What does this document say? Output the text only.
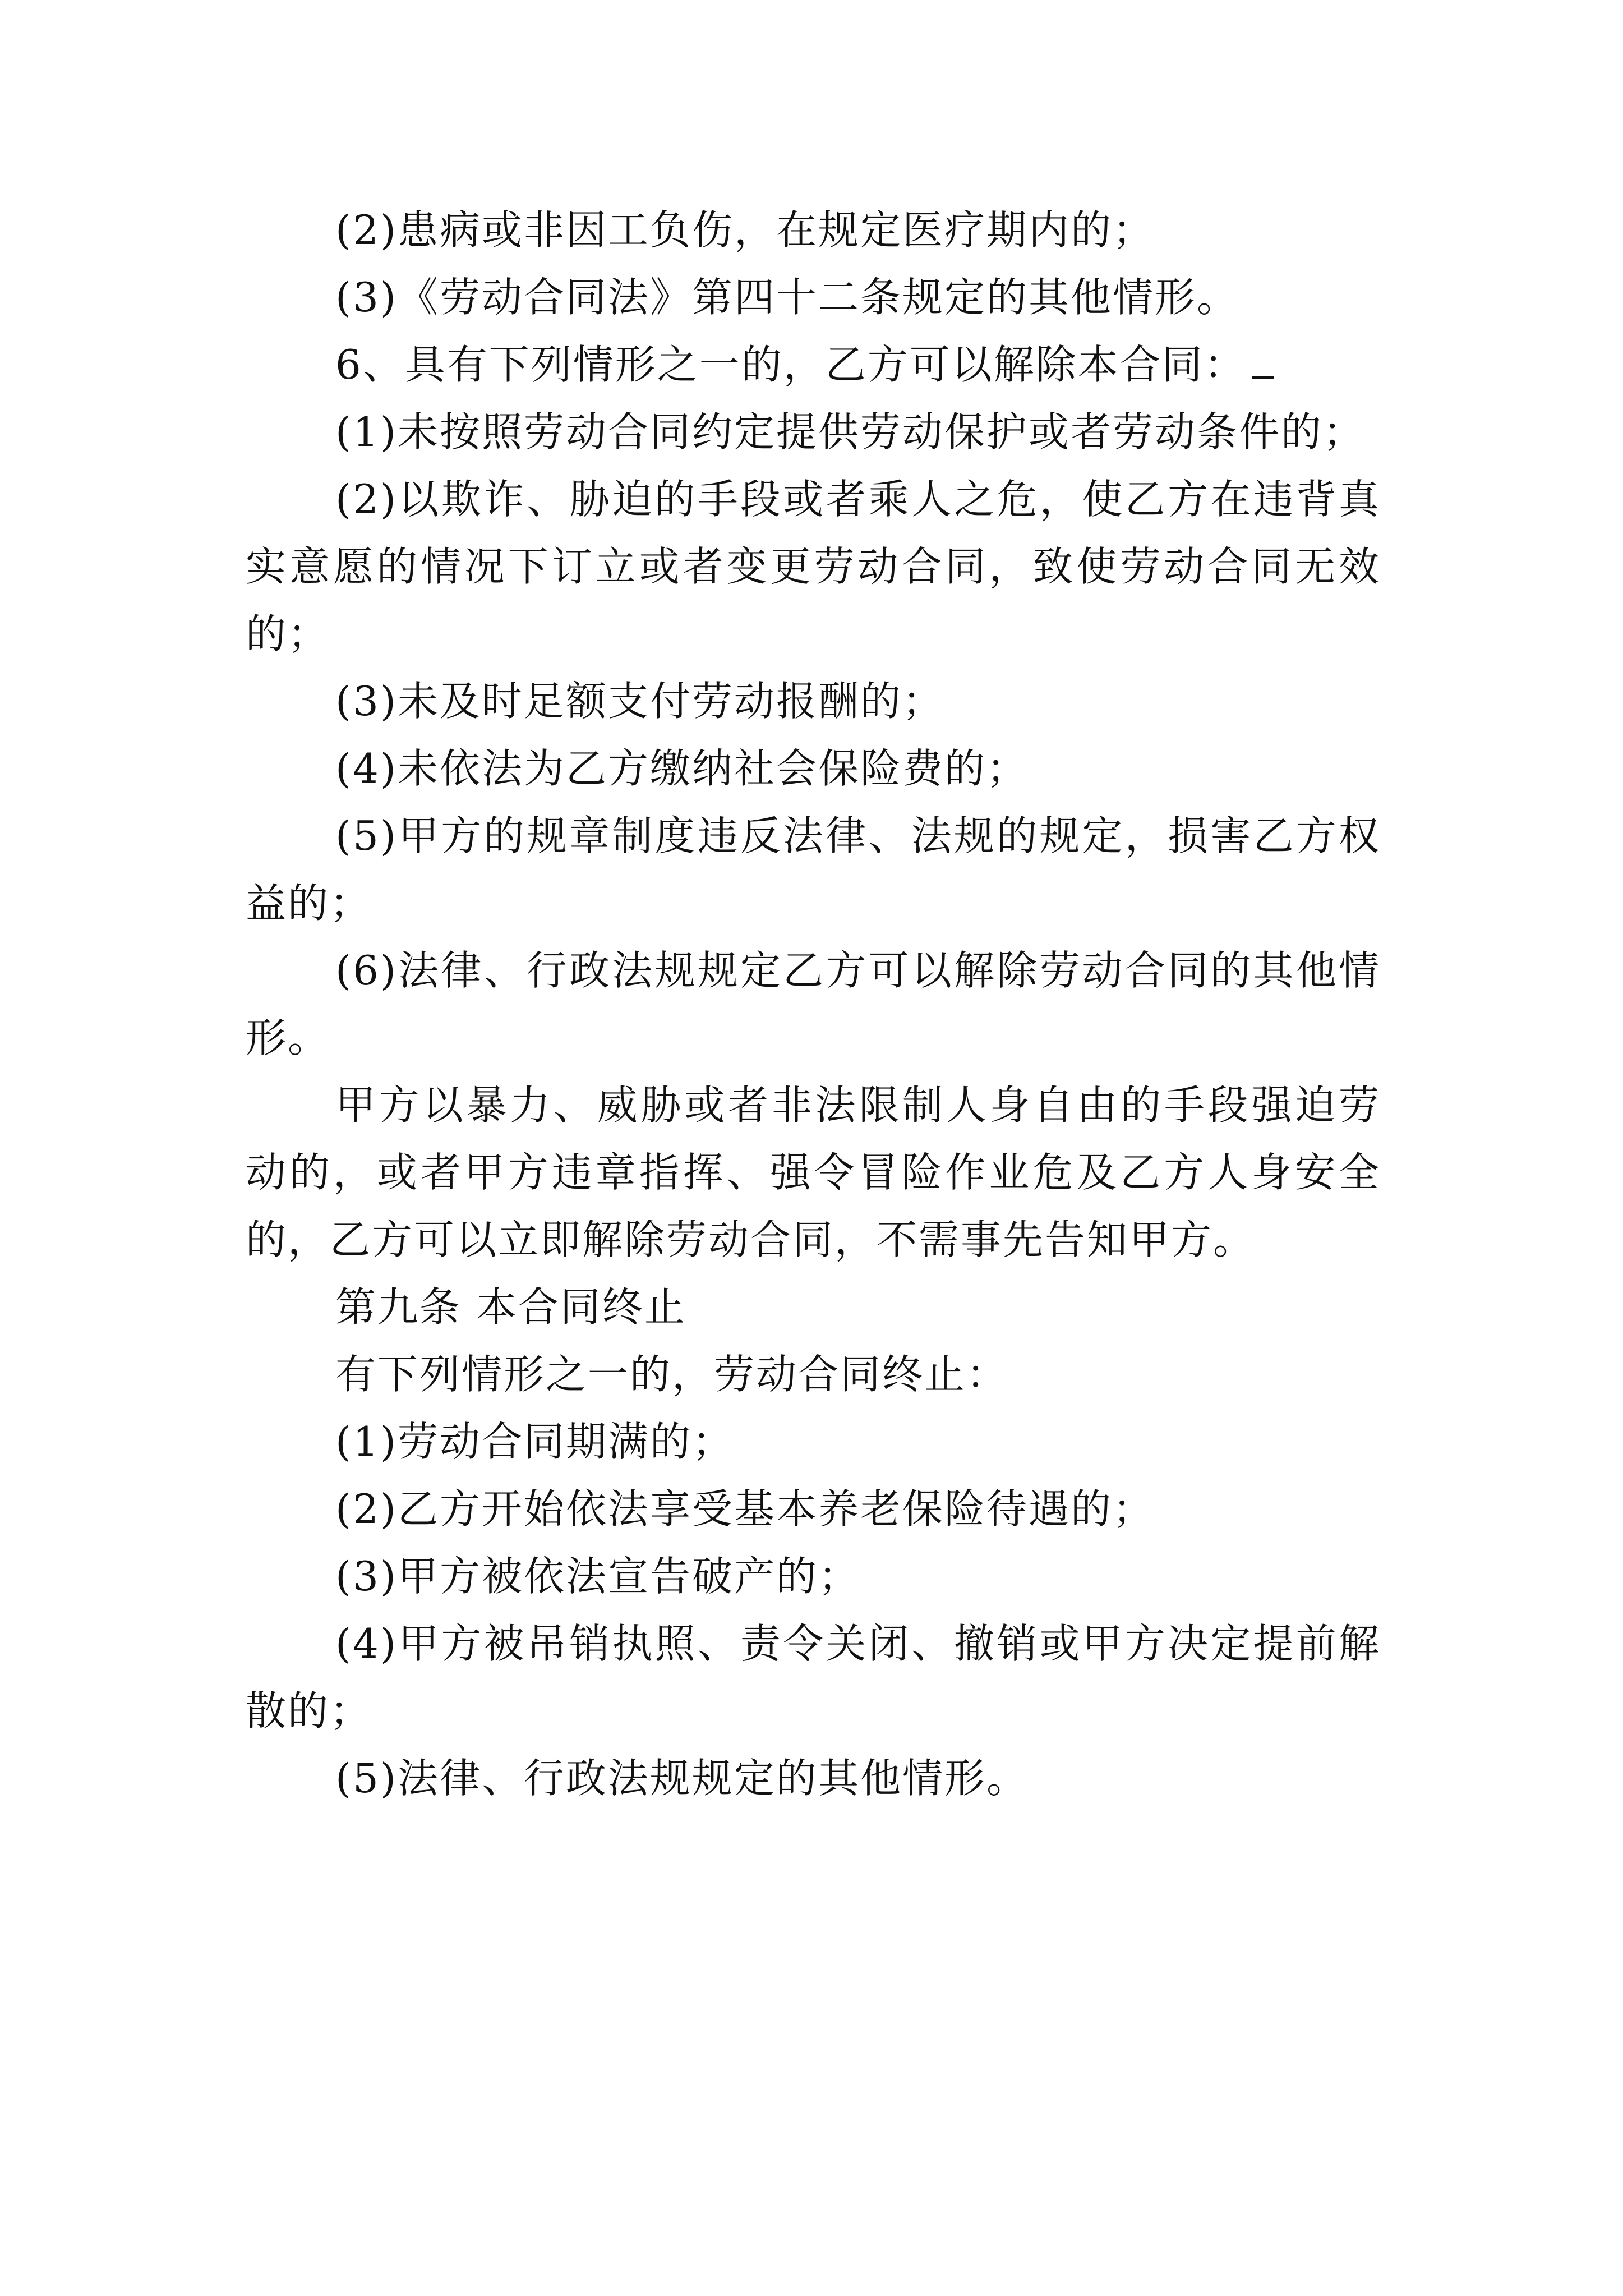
(2)患病或非因工负伤，在规定医疗期内的；

(3)《劳动合同法》第四十二条规定的其他情形。

6、具有下列情形之一的，乙方可以解除本合同：

(1)未按照劳动合同约定提供劳动保护或者劳动条件的；

(2)以欺诈、胁迫的手段或者乘人之危，使乙方在违背真实意愿的情况下订立或者变更劳动合同，致使劳动合同无效的；

(3)未及时足额支付劳动报酬的；

(4)未依法为乙方缴纳社会保险费的；

(5)甲方的规章制度违反法律、法规的规定，损害乙方权益的；

(6)法律、行政法规规定乙方可以解除劳动合同的其他情形。

甲方以暴力、威胁或者非法限制人身自由的手段强迫劳动的，或者甲方违章指挥、强令冒险作业危及乙方人身安全的，乙方可以立即解除劳动合同，不需事先告知甲方。

第九条 本合同终止

有下列情形之一的，劳动合同终止：

(1)劳动合同期满的；

(2)乙方开始依法享受基本养老保险待遇的；

(3)甲方被依法宣告破产的；

(4)甲方被吊销执照、责令关闭、撤销或甲方决定提前解散的；

(5)法律、行政法规规定的其他情形。
